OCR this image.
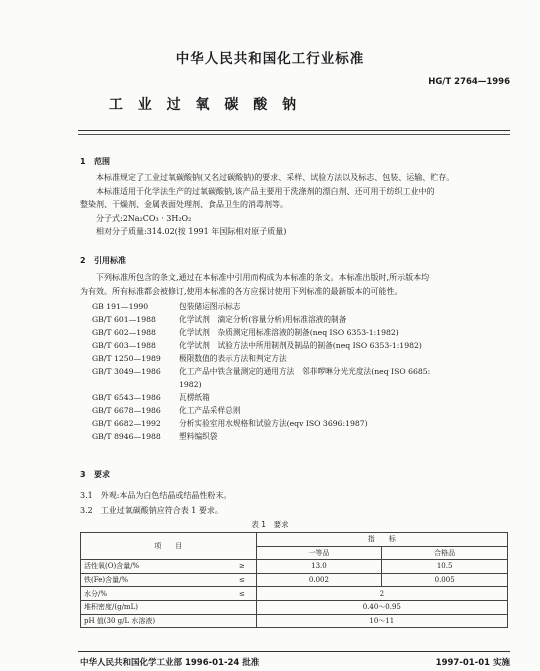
中华人民共和国化工行业标准
HG/T 2764—1996
工 业 过 氧 碳 酸 钠
1 范围
本标准规定了工业过氧碳酸钠(又名过碳酸钠)的要求、采样、试验方法以及标志、包装、运输、贮存。
本标准适用于化学法生产的过氧碳酸钠,该产品主要用于洗涤剂的漂白剂、还可用于纺织工业中的
整染剂、干燥剂、金属表面处理剂、食品卫生的消毒剂等。
分子式:2Na₂CO₃ · 3H₂O₂
相对分子质量:314.02(按 1991 年国际相对原子质量)
2 引用标准
下列标准所包含的条文,通过在本标准中引用而构成为本标准的条文。本标准出版时,所示版本均
为有效。所有标准都会被修订,使用本标准的各方应探讨使用下列标准的最新版本的可能性。
GB 191—1990	包装储运图示标志
GB/T 601—1988	化学试剂　滴定分析(容量分析)用标准溶液的制备
GB/T 602—1988	化学试剂　杂质测定用标准溶液的制备(neq ISO 6353-1:1982)
GB/T 603—1988	化学试剂　试验方法中所用制剂及制品的制备(neq ISO 6353-1:1982)
GB/T 1250—1989 极限数值的表示方法和判定方法
GB/T 3049—1986 化工产品中铁含量测定的通用方法　邻菲啰啉分光光度法(neq ISO 6685:
1982)
GB/T 6543—1986 瓦楞纸箱
GB/T 6678—1986 化工产品采样总则
GB/T 6682—1992 分析实验室用水规格和试验方法(eqv ISO 3696:1987)
GB/T 8946—1988 塑料编织袋
3 要求
3.1　外观:本品为白色结晶或结晶性粉末。
3.2　工业过氧碳酸钠应符合表 1 要求。
表 1　要求
项　　目		指　　标	
		一等品	合格品
活性氧(O)含量/%	≥	13.0	10.5
铁(Fe)含量/%	≤	0.002	0.005
水分/%	≤	2	
堆积密度/(g/mL)		0.40～0.95	
pH 值(30 g/L 水溶液)		10～11	
中华人民共和国化学工业部 1996-01-24 批准	1997-01-01 实施
